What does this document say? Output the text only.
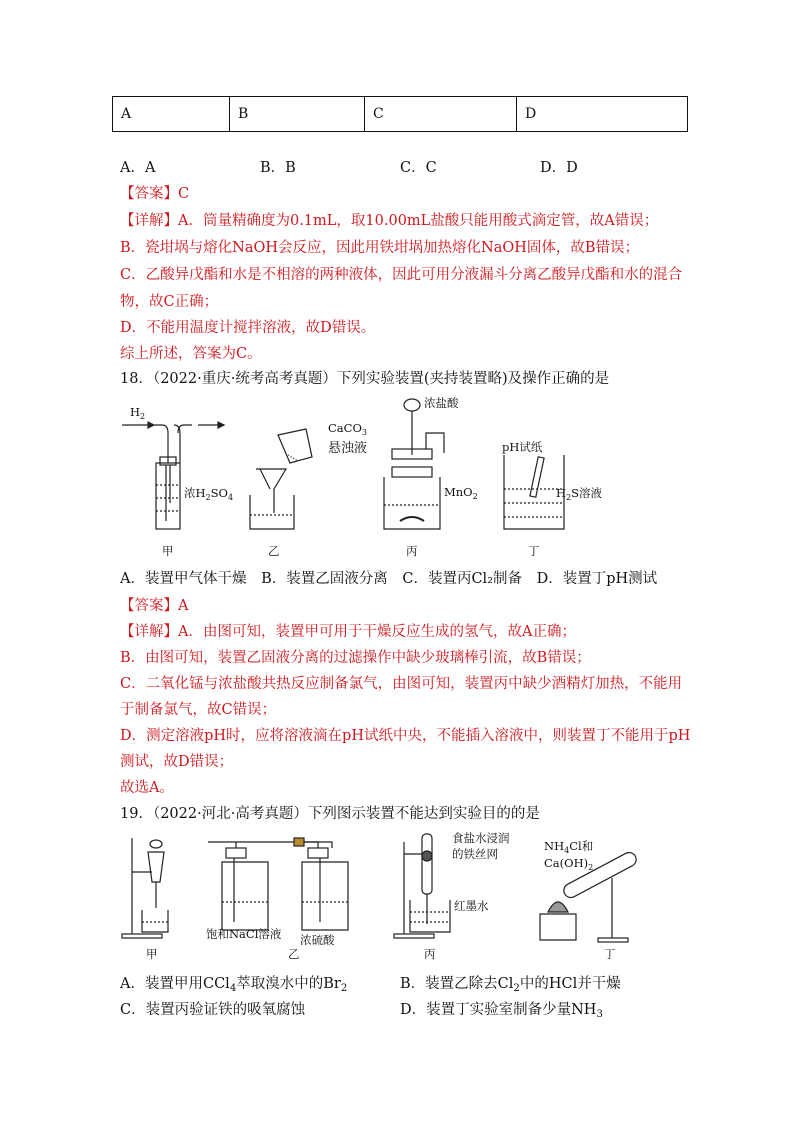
A	B	C	D
A．A	B．B	C．C	D．D
【答案】C
【详解】A．筒量精确度为0.1mL，取10.00mL盐酸只能用酸式滴定管，故A错误；
B．瓷坩埚与熔化NaOH会反应，因此用铁坩埚加热熔化NaOH固体，故B错误；
C．乙酸异戊酯和水是不相溶的两种液体，因此可用分液漏斗分离乙酸异戊酯和水的混合
物，故C正确；
D．不能用温度计搅拌溶液，故D错误。
综上所述，答案为C。
18．（2022·重庆·统考高考真题）下列实验装置(夹持装置略)及操作正确的是
$H_2$
浓$H_2SO_4$
CaCO$_3$
悬浊液
浓盐酸
MnO$_2$
pH试纸
$H_2S$溶液
甲	乙	丙	丁
A．装置甲气体干燥 B．装置乙固液分离 C．装置丙Cl₂制备 D．装置丁pH测试
【答案】A
【详解】A．由图可知，装置甲可用于干燥反应生成的氢气，故A正确；
B．由图可知，装置乙固液分离的过滤操作中缺少玻璃棒引流，故B错误；
C．二氧化锰与浓盐酸共热反应制备氯气，由图可知，装置丙中缺少酒精灯加热，不能用
于制备氯气，故C错误；
D．测定溶液pH时，应将溶液滴在pH试纸中央，不能插入溶液中，则装置丁不能用于pH
测试，故D错误；
故选A。
19．（2022·河北·高考真题）下列图示装置不能达到实验目的的是
饱和NaCl溶液 浓硫酸
食盐水浸润
的铁丝网
红墨水
$NH_4Cl$和
$Ca(OH)_2$
甲	乙	丙	丁
A．装置甲用CCl$_4$萃取溴水中的$Br_2$	B．装置乙除去$Cl_2$中的HCl并干燥
C．装置丙验证铁的吸氧腐蚀	D．装置丁实验室制备少量$NH_3$
